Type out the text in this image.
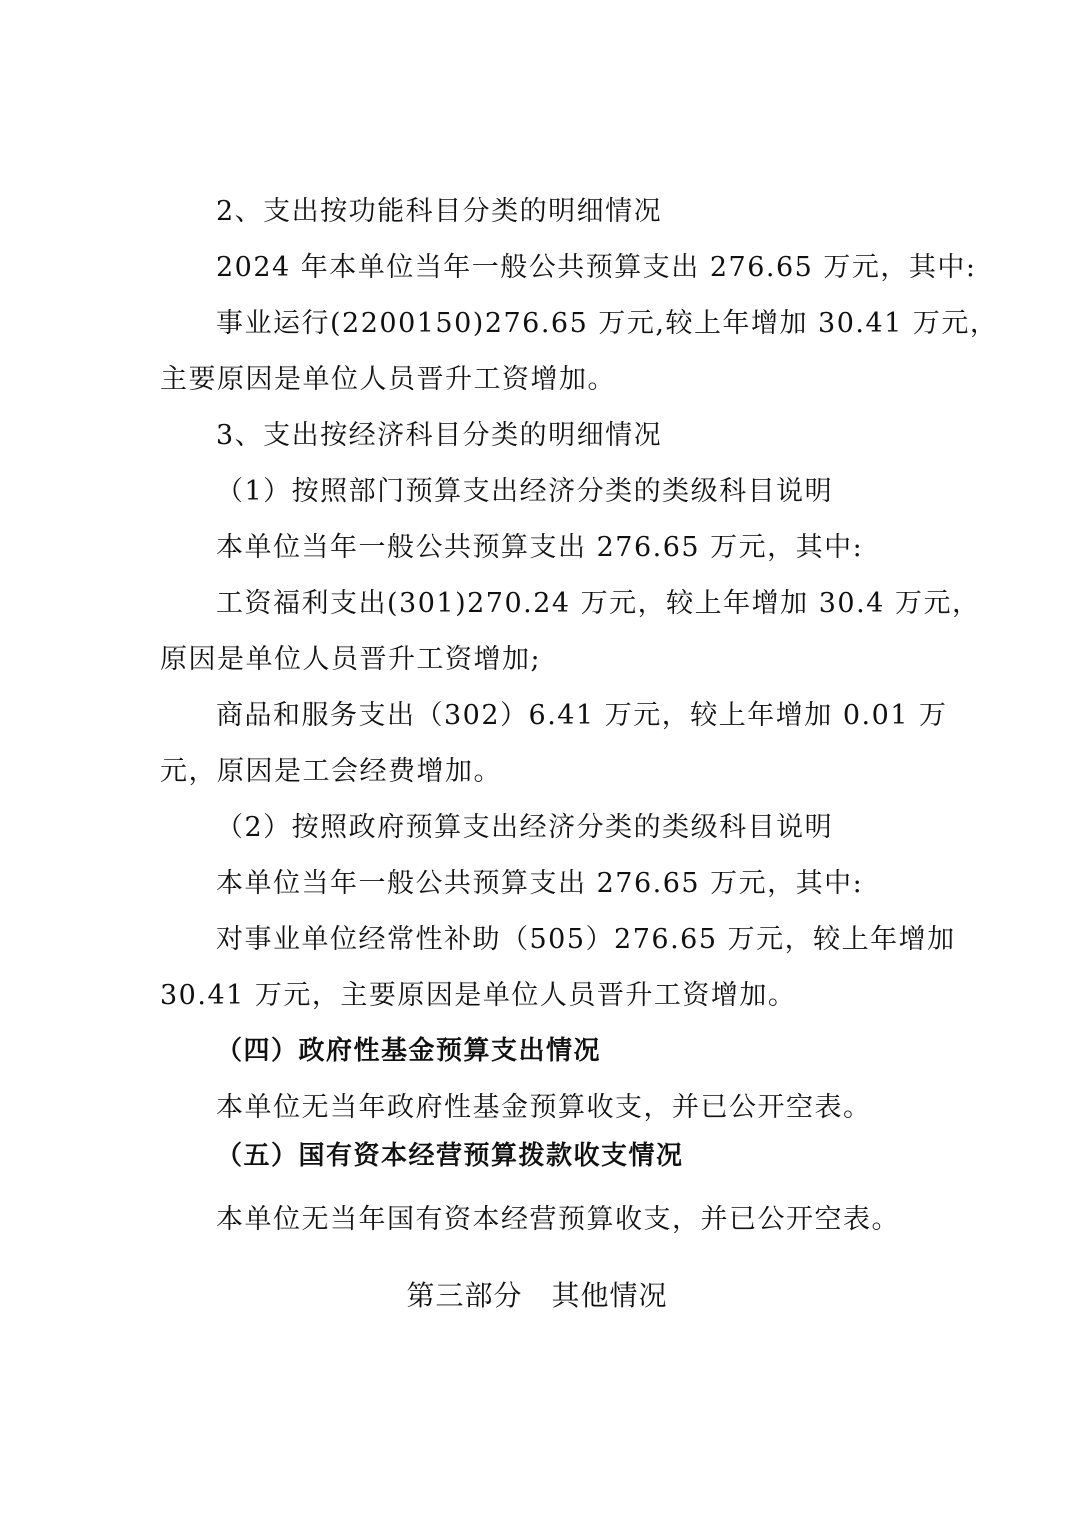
2、支出按功能科目分类的明细情况
2024 年本单位当年一般公共预算支出 276.65 万元，其中:
事业运行(2200150)276.65 万元,较上年增加 30.41 万元，
主要原因是单位人员晋升工资增加。
3、支出按经济科目分类的明细情况
（1）按照部门预算支出经济分类的类级科目说明
本单位当年一般公共预算支出 276.65 万元，其中:
工资福利支出(301)270.24 万元，较上年增加 30.4 万元，
原因是单位人员晋升工资增加;
商品和服务支出（302）6.41 万元，较上年增加 0.01 万
元，原因是工会经费增加。
（2）按照政府预算支出经济分类的类级科目说明
本单位当年一般公共预算支出 276.65 万元，其中:
对事业单位经常性补助（505）276.65 万元，较上年增加
30.41 万元，主要原因是单位人员晋升工资增加。
（四）政府性基金预算支出情况
本单位无当年政府性基金预算收支，并已公开空表。
（五）国有资本经营预算拨款收支情况
本单位无当年国有资本经营预算收支，并已公开空表。
第三部分　其他情况
